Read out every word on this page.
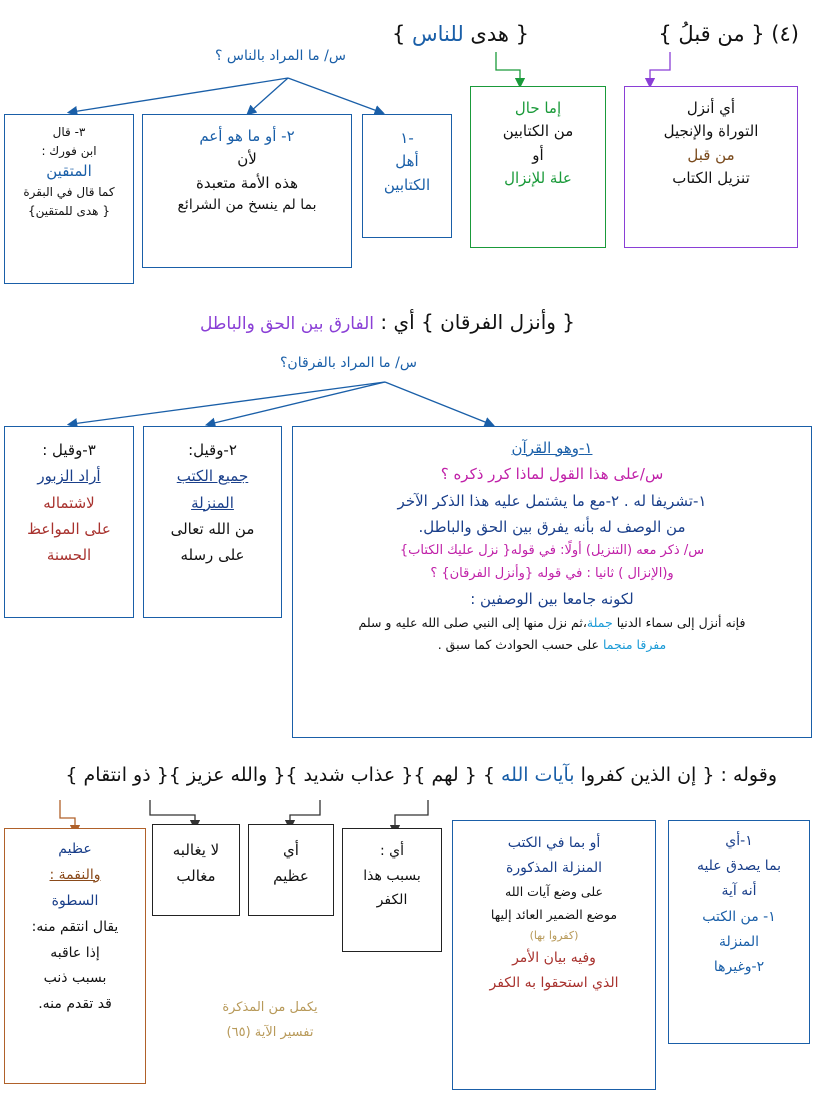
(٤) { من قبلُ }
{ هدى للناس }
س/ ما المراد بالناس ؟
أي أنزل
التوراة والإنجيل
من قبل
تنزيل الكتاب
إما حال
من الكتابين
أو
علة للإنزال
-١
أهل
الكتابين
٢- أو ما هو أعم
لأن
هذه الأمة متعبدة
بما لم ينسخ من الشرائع
٣- قال
ابن فورك :
المتقين
كما قال في البقرة
{ هدى للمتقين}
{ وأنزل الفرقان } أي : الفارق بين الحق والباطل
س/ ما المراد بالفرقان؟
١-وهو القرآن
س/على هذا القول لماذا كرر ذكره ؟
١-تشريفا له . ٢-مع ما يشتمل عليه هذا الذكر الآخر
من الوصف له بأنه يفرق بين الحق والباطل.
س/ ذكر معه (التنزيل) أولًا: في قوله{ نزل عليك الكتاب}
و(الإنزال ) ثانيا : في قوله {وأنزل الفرقان} ؟
لكونه جامعا بين الوصفين :
فإنه أنزل إلى سماء الدنيا جملة،ثم نزل منها إلى النبي صلى الله عليه و سلم
مفرقا منجما على حسب الحوادث كما سبق .
٢-وقيل:
جميع الكتب
المنزلة
من الله تعالى
على رسله
٣-وقيل :
أراد الزبور
لاشتماله
على المواعظ
الحسنة
وقوله : { إن الذين كفروا بآيات الله } { لهم }{ عذاب شديد }{ والله عزيز }{ ذو انتقام }
١-أي
بما يصدق عليه
أنه آية
١- من الكتب
المنزلة
٢-وغيرها
أو بما في الكتب
المنزلة المذكورة
على وضع آيات الله
موضع الضمير العائد إليها
(كفروا بها)
وفيه بيان الأمر
الذي استحقوا به الكفر
أي :
بسبب هذا
الكفر
أي
عظيم
لا يغالبه
مغالب
عظيم
والنقمة :
السطوة
يقال انتقم منه:
إذا عاقبه
بسبب ذنب
قد تقدم منه.	يكمل من المذكرة
تفسير الآية (٦٥)
